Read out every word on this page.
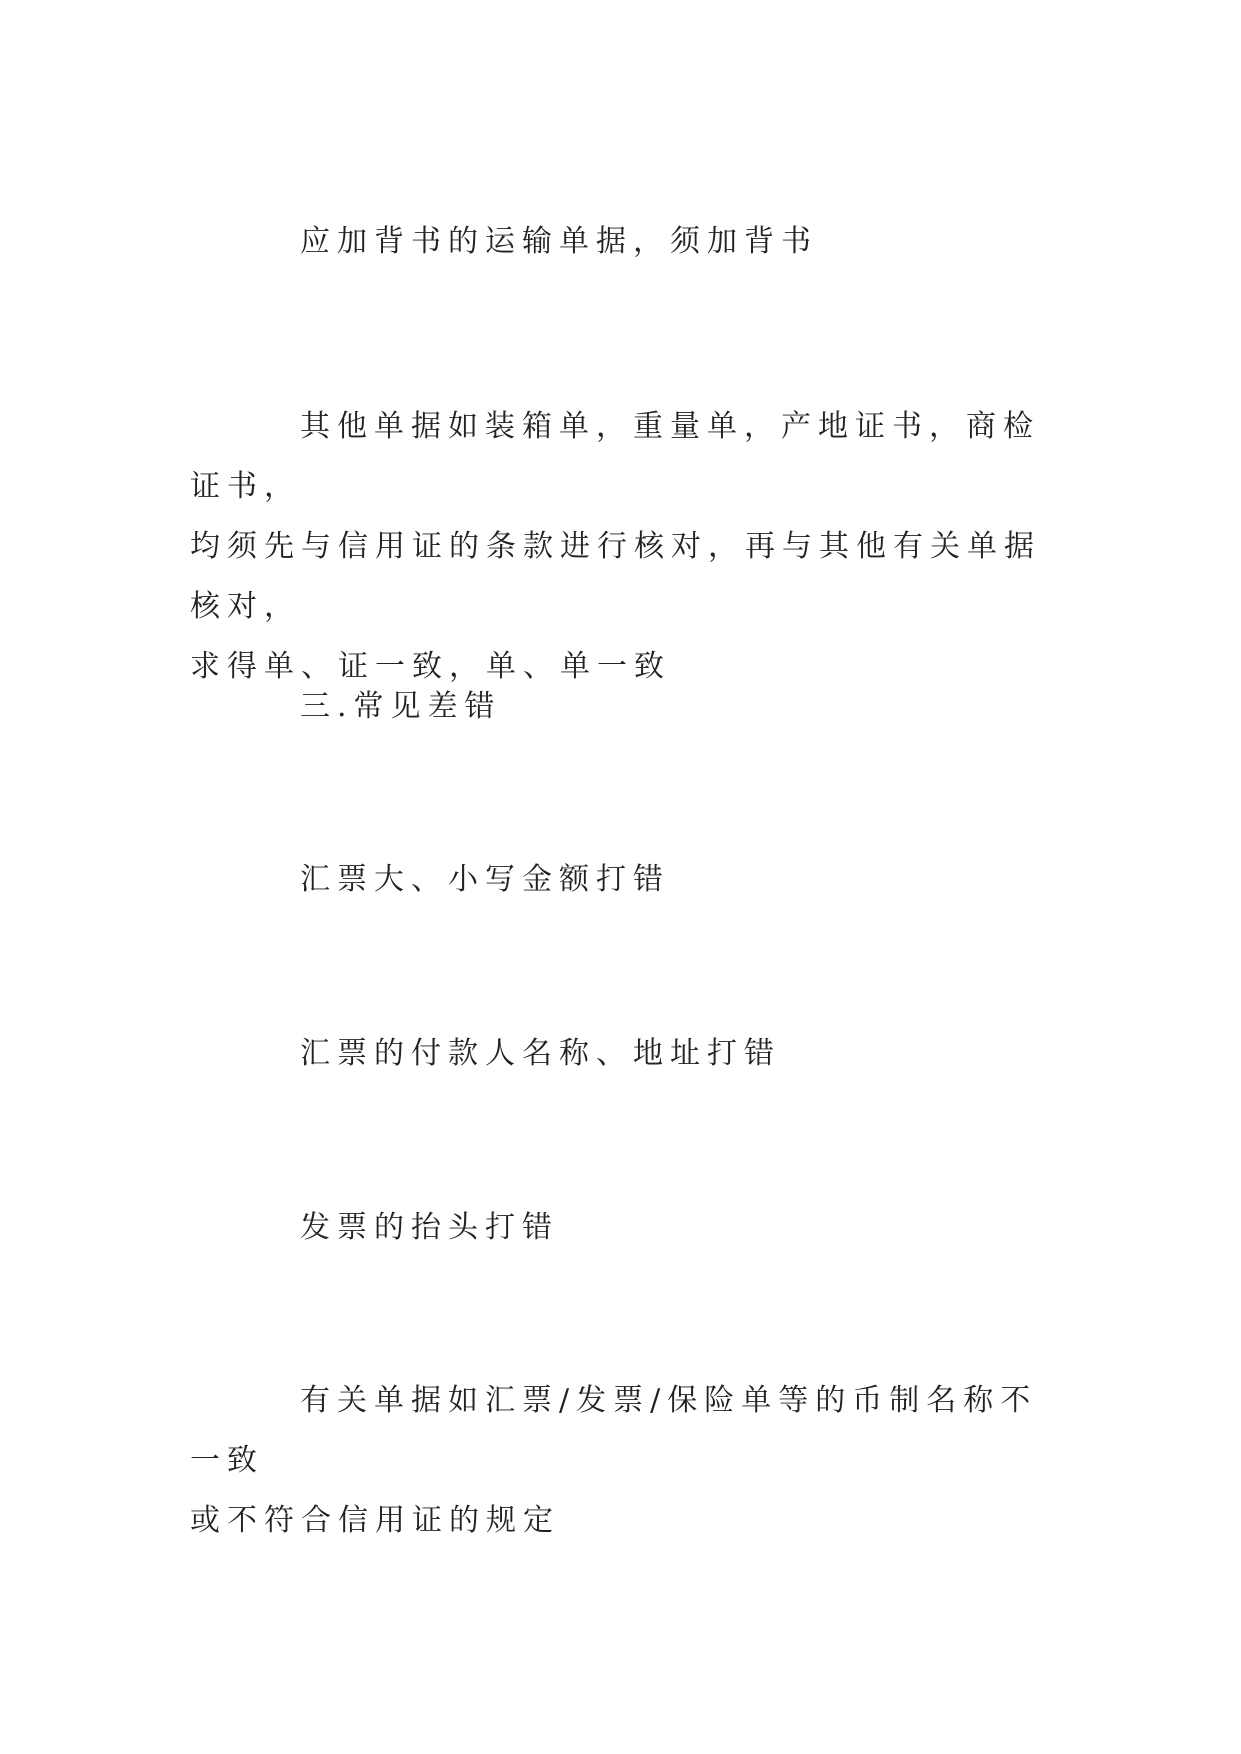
应加背书的运输单据，须加背书

其他单据如装箱单，重量单，产地证书，商检证书，
均须先与信用证的条款进行核对，再与其他有关单据核对，
求得单、证一致，单、单一致

三.常见差错

汇票大、小写金额打错

汇票的付款人名称、地址打错

发票的抬头打错

有关单据如汇票/发票/保险单等的币制名称不一致
或不符合信用证的规定
